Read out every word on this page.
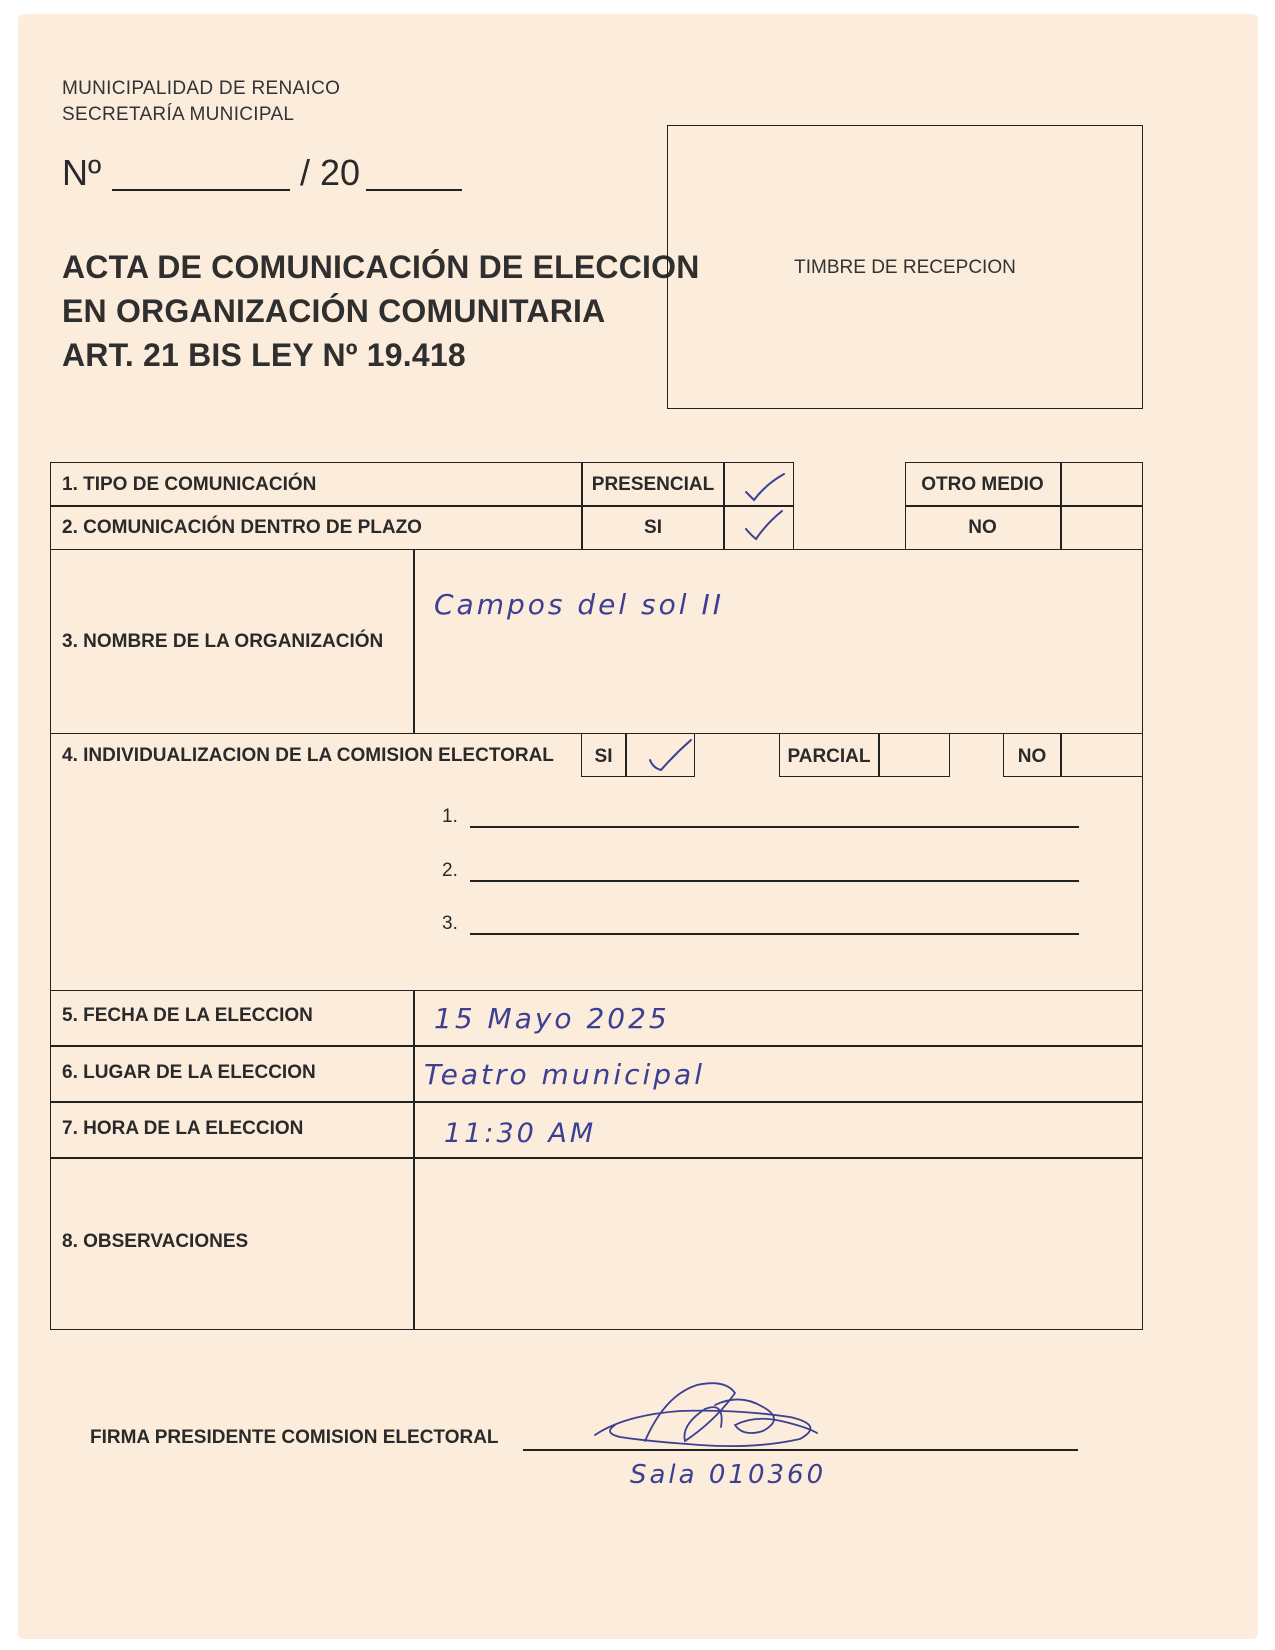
MUNICIPALIDAD DE RENAICO
SECRETARÍA MUNICIPAL
Nº	/ 20
ACTA DE COMUNICACIÓN DE ELECCION
EN ORGANIZACIÓN COMUNITARIA
ART. 21 BIS LEY Nº 19.418
TIMBRE DE RECEPCION
1. TIPO DE COMUNICACIÓN	PRESENCIAL	OTRO MEDIO
2. COMUNICACIÓN DENTRO DE PLAZO	SI	NO
3. NOMBRE DE LA ORGANIZACIÓN
Campos del sol II
4. INDIVIDUALIZACION DE LA COMISION ELECTORAL	SI	PARCIAL	NO
1.
2.
3.
5. FECHA DE LA ELECCION	15 Mayo 2025
6. LUGAR DE LA ELECCION	Teatro municipal
7. HORA DE LA ELECCION	11:30 AM
8. OBSERVACIONES
FIRMA PRESIDENTE COMISION ELECTORAL
Sala 010360
